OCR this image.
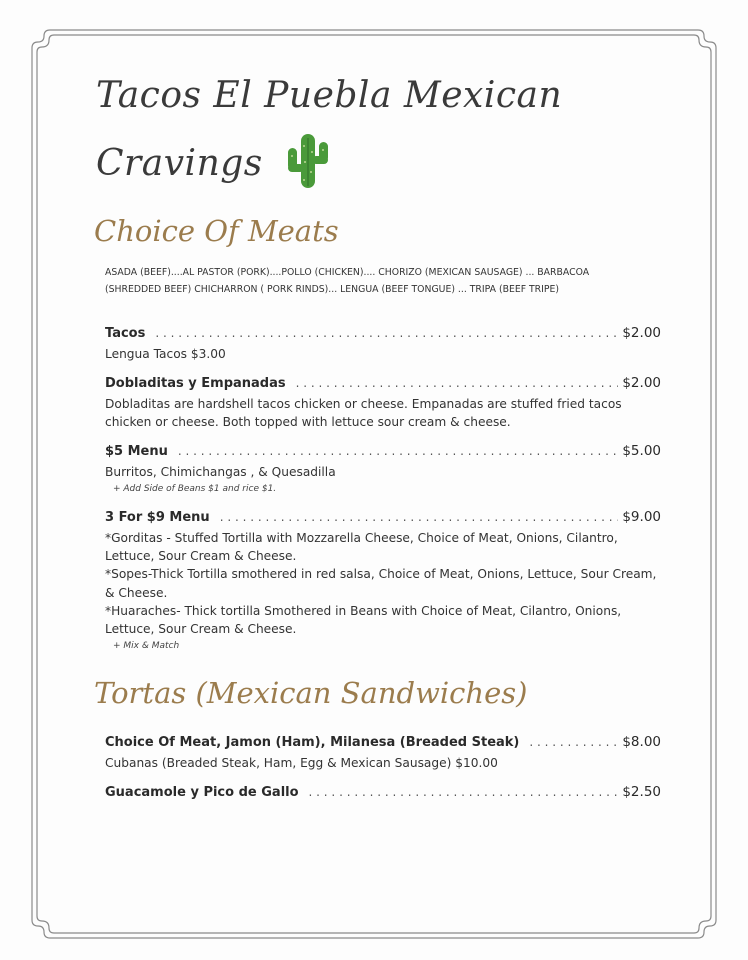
Tacos El Puebla Mexican
Cravings
Choice Of Meats
ASADA (BEEF)....AL PASTOR (PORK)....POLLO (CHICKEN).... CHORIZO (MEXICAN SAUSAGE) ... BARBACOA (SHREDDED BEEF) CHICHARRON ( PORK RINDS)... LENGUA (BEEF TONGUE) ... TRIPA (BEEF TRIPE)
Tacos . . .	$2.00
Lengua Tacos $3.00
Dobladitas y Empanadas . . .	$2.00
Dobladitas are hardshell tacos chicken or cheese. Empanadas are stuffed fried tacos chicken or cheese. Both topped with lettuce sour cream & cheese.
$5 Menu . . .	$5.00
Burritos, Chimichangas , & Quesadilla
+ Add Side of Beans $1 and rice $1.
3 For $9 Menu . . .	$9.00
*Gorditas - Stuffed Tortilla with Mozzarella Cheese, Choice of Meat, Onions, Cilantro, Lettuce, Sour Cream & Cheese.
*Sopes-Thick Tortilla smothered in red salsa, Choice of Meat, Onions, Lettuce, Sour Cream, & Cheese.
*Huaraches- Thick tortilla Smothered in Beans with Choice of Meat, Cilantro, Onions, Lettuce, Sour Cream & Cheese.
+ Mix & Match
Tortas (Mexican Sandwiches)
Choice Of Meat, Jamon (Ham), Milanesa (Breaded Steak) . . .	$8.00
Cubanas (Breaded Steak, Ham, Egg & Mexican Sausage) $10.00
Guacamole y Pico de Gallo . . .	$2.50
